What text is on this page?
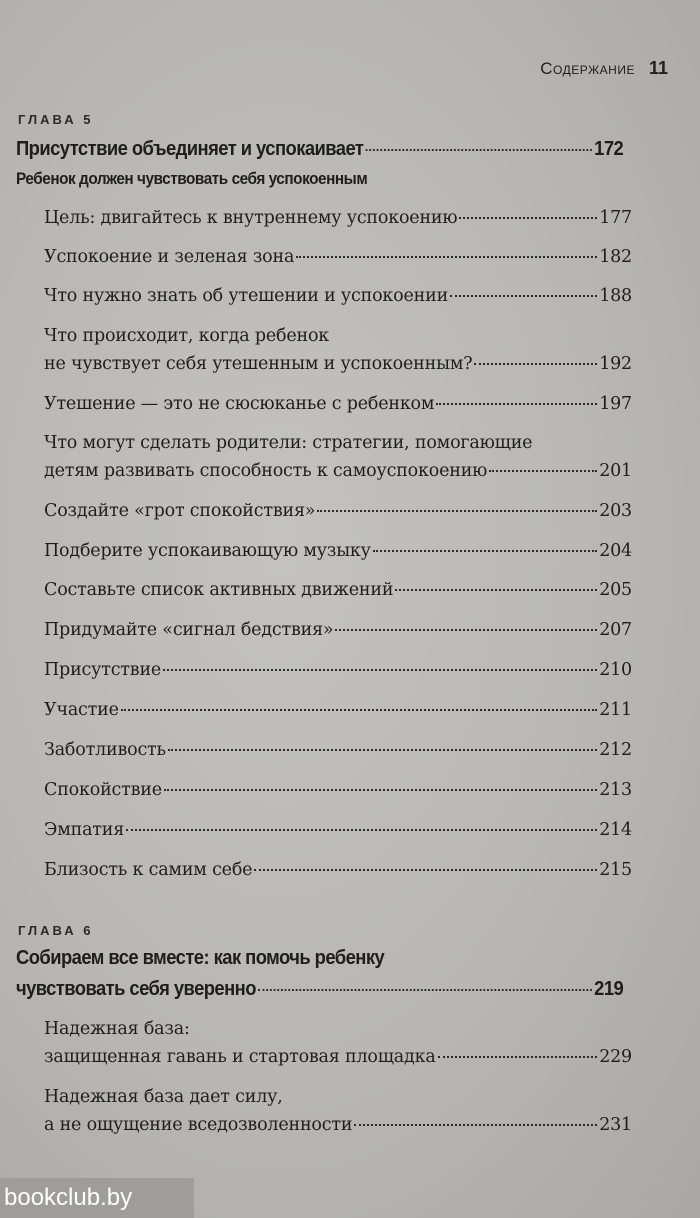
Содержание 11
ГЛАВА 5
Присутствие объединяет и успокаивает	172
Ребенок должен чувствовать себя успокоенным
Цель: двигайтесь к внутреннему успокоению	177
Успокоение и зеленая зона	182
Что нужно знать об утешении и успокоении	188
Что происходит, когда ребенок
не чувствует себя утешенным и успокоенным?	192
Утешение — это не сюсюканье с ребенком	197
Что могут сделать родители: стратегии, помогающие
детям развивать способность к самоуспокоению	201
Создайте «грот спокойствия»	203
Подберите успокаивающую музыку	204
Составьте список активных движений	205
Придумайте «сигнал бедствия»	207
Присутствие	210
Участие	211
Заботливость	212
Спокойствие	213
Эмпатия	214
Близость к самим себе	215
ГЛАВА 6
Собираем все вместе: как помочь ребенку
чувствовать себя уверенно	219
Надежная база:
защищенная гавань и стартовая площадка	229
Надежная база дает силу,
а не ощущение вседозволенности	231
bookclub.by
